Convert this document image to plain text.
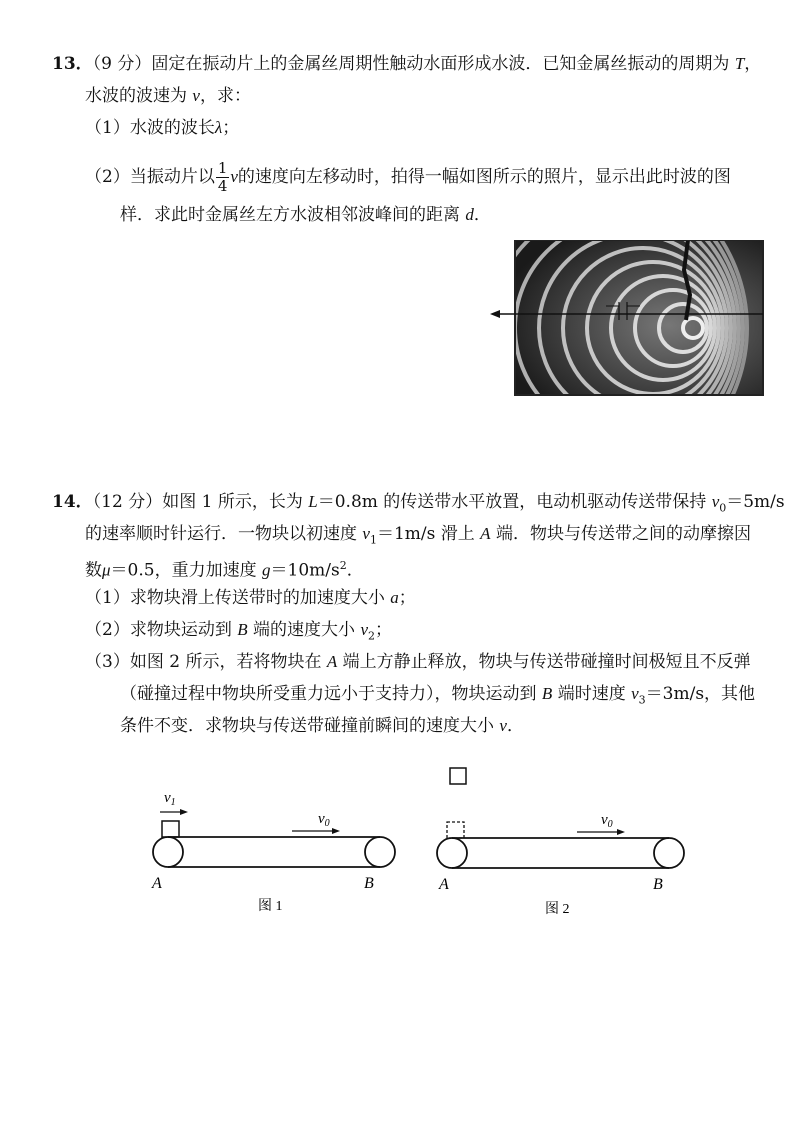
13．（9 分）固定在振动片上的金属丝周期性触动水面形成水波．已知金属丝振动的周期为 T，
水波的波速为 v，求：
（1）水波的波长λ；
（2）当振动片以 $\frac{1}{4}$ v的速度向左移动时，拍得一幅如图所示的照片，显示出此时波的图
样．求此时金属丝左方水波相邻波峰间的距离 d．
14．（12 分）如图 1 所示，长为 L＝0.8m 的传送带水平放置，电动机驱动传送带保持 $v_0=5m/s$
的速率顺时针运行．一物块以初速度 $v_1=1m/s$ 滑上 A 端．物块与传送带之间的动摩擦因
数μ＝0.5，重力加速度 $g=10m/s^2$．
（1）求物块滑上传送带时的加速度大小 a；
（2）求物块运动到 B 端的速度大小 $v_2$；
（3）如图 2 所示，若将物块在 A 端上方静止释放，物块与传送带碰撞时间极短且不反弹
（碰撞过程中物块所受重力远小于支持力），物块运动到 B 端时速度 $v_3=3m/s$，其他
条件不变．求物块与传送带碰撞前瞬间的速度大小 v．
$v_1$
$v_0$
A	B
图 1
$v_0$
A	B
图 2
